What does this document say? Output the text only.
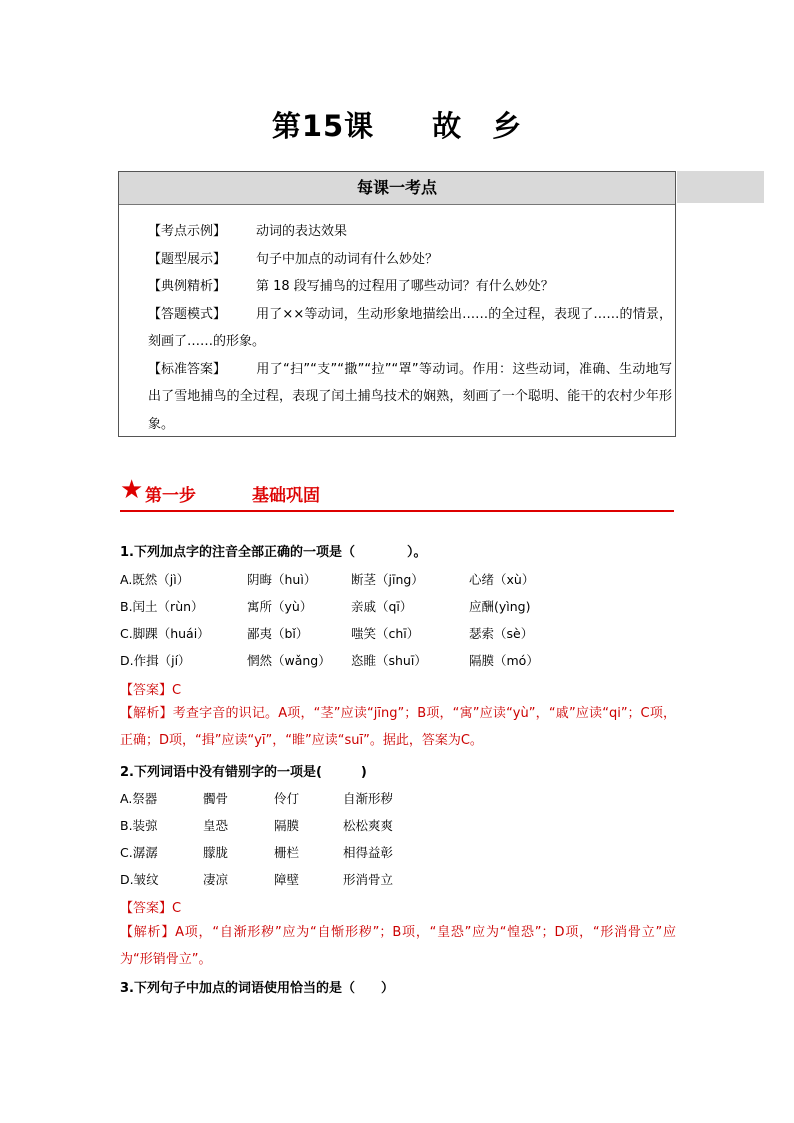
第15课 故　乡
每课一考点
【考点示例】 动词的表达效果
【题型展示】 句子中加点的动词有什么妙处？
【典例精析】 第 18 段写捕鸟的过程用了哪些动词？有什么妙处？
【答题模式】 用了××等动词，生动形象地描绘出……的全过程，表现了……的情景，刻画了……的形象。
【标准答案】 用了“扫”“支”“撒”“拉”“罩”等动词。作用：这些动词，准确、生动地写出了雪地捕鸟的全过程，表现了闰土捕鸟技术的娴熟，刻画了一个聪明、能干的农村少年形象。
★ 第一步	基础巩固
1.下列加点字的注音全部正确的一项是（　　　　）。
A.既然（jì）	阴晦（huì）	断茎（jīng）	心绪（xù）
B.闰土（rùn）	寓所（yù）	亲戚（qī）	应酬(yìng)
C.脚踝（huái）	鄙夷（bǐ）	嗤笑（chī）	瑟索（sè）
D.作揖（jí）	惘然（wǎng） 恣睢（shuī）	隔膜（mó）
【答案】C
【解析】考查字音的识记。A项，“茎”应读“jīng”；B项，“寓”应读“yù”，“戚”应读“qi”；C项，正确；D项，“揖”应读“yī”，“睢”应读“suī”。据此，答案为C。
2.下列词语中没有错别字的一项是(　　　)
A.祭器	髑骨	伶仃	自渐形秽
B.装弶	皇恐	隔膜	松松爽爽
C.潺潺	朦胧	栅栏	相得益彰
D.皱纹	凄凉	障壁	形消骨立
【答案】C
【解析】A项，“自渐形秽”应为“自惭形秽”；B项，“皇恐”应为“惶恐”；D项，“形消骨立”应为“形销骨立”。
3.下列句子中加点的词语使用恰当的是（　　）
